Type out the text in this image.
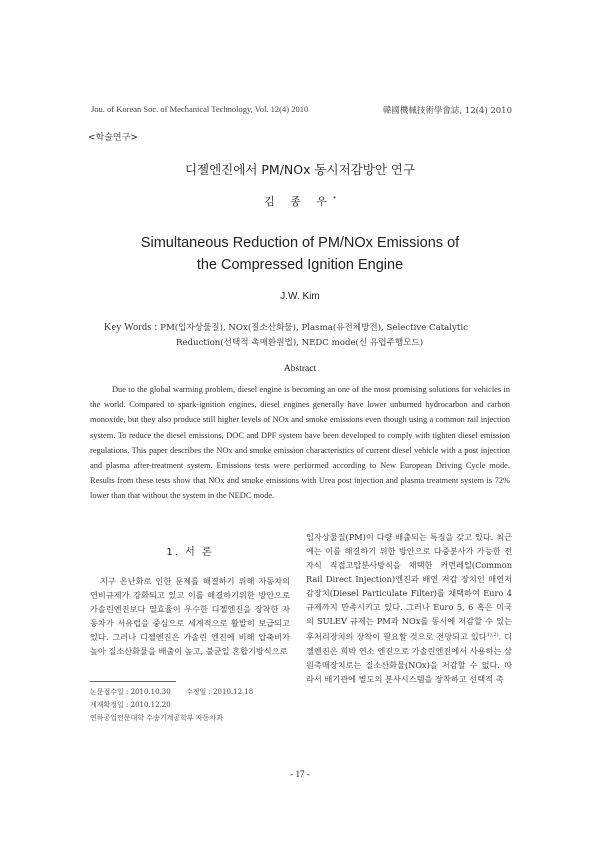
Jou. of Korean Soc. of Mechanical Technology, Vol. 12(4) 2010	韓國機械技術學會誌, 12(4) 2010
<학술연구>
디젤엔진에서 PM/NOx 동시저감방안 연구
김 종 우*
Simultaneous Reduction of PM/NOx Emissions of
the Compressed Ignition Engine
J.W. Kim
Key Words : PM(입자상물질), NOx(질소산화물), Plasma(유전체방전), Selective Catalytic
Reduction(선택적 촉매환원법), NEDC mode(신 유럽주행모드)
Abstract
Due to the global warming problem, diesel engine is becoming an one of the most promising solutions for vehicles in the world. Compared to spark-ignition engines, diesel engines generally have lower unburned hydrocarbon and carbon monoxide, but they also produce still higher levels of NOx and smoke emissions even though using a common rail injection system. To reduce the diesel emissions, DOC and DPF system have been developed to comply with tighten diesel emission regulations. This paper describes the NOx and smoke emission characteristics of current diesel vehicle with a post injection and plasma after-treatment system. Emissions tests were performed according to New European Driving Cycle mode. Results from these tests show that NOx and smoke emissions with Urea post injection and plasma treatment system is 72% lower than that without the system in the NEDC mode.
1. 서 론
지구 온난화로 인한 문제를 해결하기 위해 자동차의 연비규제가 강화되고 있고 이를 해결하기위한 방안으로 가솔린엔진보다 열효율이 우수한 디젤엔진을 장착한 자동차가 서유럽을 중심으로 세계적으로 활발히 보급되고 있다. 그러나 디젤엔진은 가솔린 엔진에 비해 압축비가 높아 질소산화물을 배출이 높고, 불균일 혼합기방식으로
입자상물질(PM)이 다량 배출되는 특징을 갖고 있다. 최근에는 이를 해결하기 위한 방안으로 다중분사가 가능한 전자식 직접고압분사방식을 채택한 커먼레일(Common Rail Direct Injection)엔진과 배연 저감 장치인 매연저감장치(Diesel Particulate Filter)를 채택하여 Euro 4 규제까지 만족시키고 있다. 그러나 Euro 5, 6 혹은 미국의 SULEV 규제는 PM과 NOx를 동시에 저감할 수 있는 후처리장치의 장착이 필요할 것으로 전망되고 있다$^{1),2)}$. 디젤엔진은 희박 연소 엔진으로 가솔린엔진에서 사용하는 삼원촉매장치로는 질소산화물(NOx)을 저감할 수 없다. 따라서 배기관에 별도의 분사시스템을 장착하고 선택적 촉
논문접수일 : 2010.10.30 수정일 : 2010.12.18
게재확정일 : 2010.12.20
연하공업전문대학 수송기계공학부 자동차과
- 17 -
